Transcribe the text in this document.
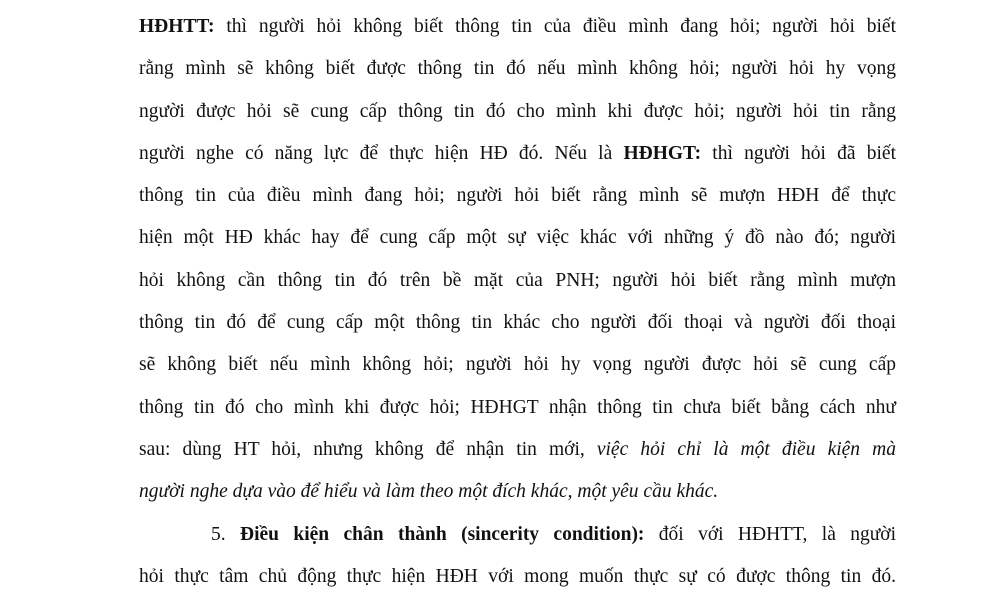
HĐHTT: thì người hỏi không biết thông tin của điều mình đang hỏi; người hỏi biết
rằng mình sẽ không biết được thông tin đó nếu mình không hỏi; người hỏi hy vọng
người được hỏi sẽ cung cấp thông tin đó cho mình khi được hỏi; người hỏi tin rằng
người nghe có năng lực để thực hiện HĐ đó. Nếu là HĐHGT: thì người hỏi đã biết
thông tin của điều mình đang hỏi; người hỏi biết rằng mình sẽ mượn HĐH để thực
hiện một HĐ khác hay để cung cấp một sự việc khác với những ý đồ nào đó; người
hỏi không cần thông tin đó trên bề mặt của PNH; người hỏi biết rằng mình mượn
thông tin đó để cung cấp một thông tin khác cho người đối thoại và người đối thoại
sẽ không biết nếu mình không hỏi; người hỏi hy vọng người được hỏi sẽ cung cấp
thông tin đó cho mình khi được hỏi; HĐHGT nhận thông tin chưa biết bằng cách như
sau: dùng HT hỏi, nhưng không để nhận tin mới, việc hỏi chỉ là một điều kiện mà
người nghe dựa vào để hiểu và làm theo một đích khác, một yêu cầu khác.
5. Điều kiện chân thành (sincerity condition): đối với HĐHTT, là người
hỏi thực tâm chủ động thực hiện HĐH với mong muốn thực sự có được thông tin đó.
